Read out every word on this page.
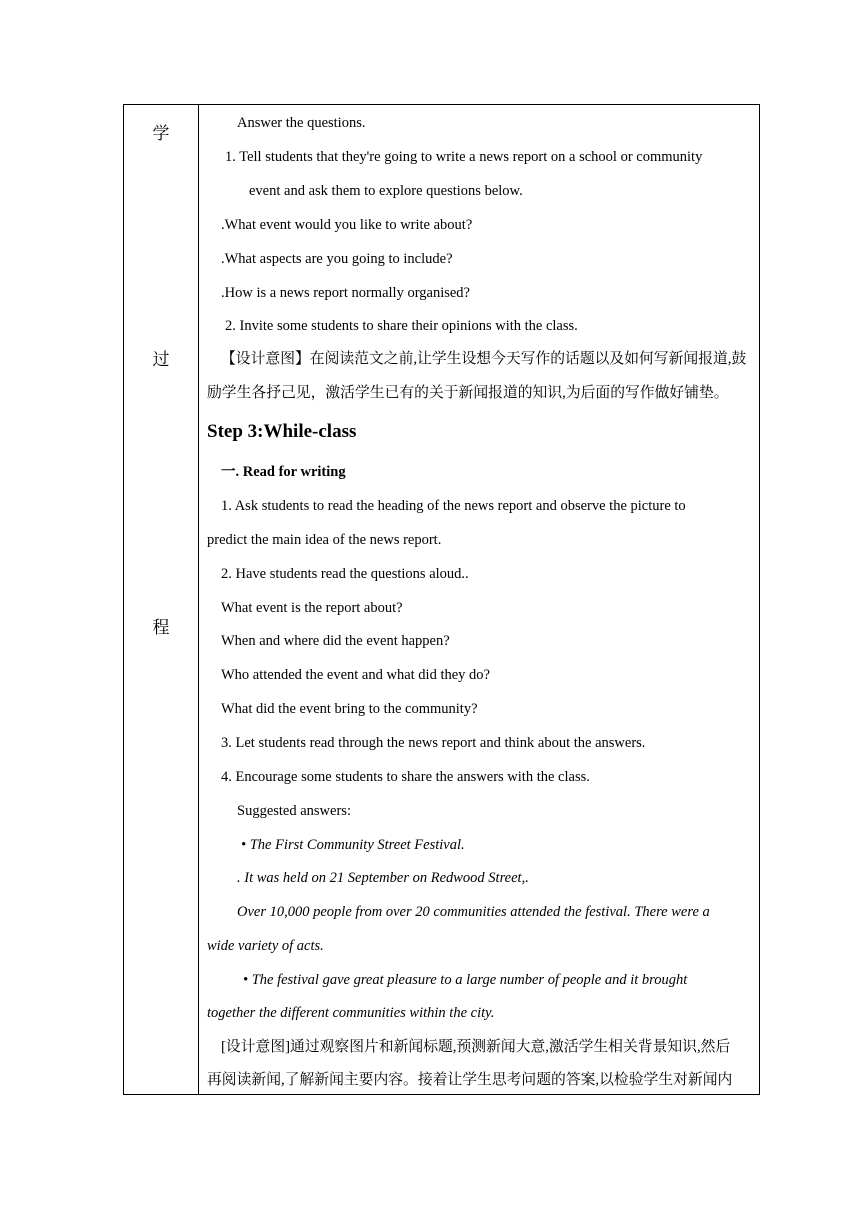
学
过
程
Answer the questions.
1. Tell students that they're going to write a news report on a school or community
event and ask them to explore questions below.
.What event would you like to write about?
.What aspects are you going to include?
.How is a news report normally organised?
2. Invite some students to share their opinions with the class.
【设计意图】在阅读范文之前,让学生设想今天写作的话题以及如何写新闻报道,鼓
励学生各抒己见，激活学生已有的关于新闻报道的知识,为后面的写作做好铺垫。
Step 3:While-class
一. Read for writing
1. Ask students to read the heading of the news report and observe the picture to
predict the main idea of the news report.
2. Have students read the questions aloud..
What event is the report about?
When and where did the event happen?
Who attended the event and what did they do?
What did the event bring to the community?
3. Let students read through the news report and think about the answers.
4. Encourage some students to share the answers with the class.
Suggested answers:
• The First Community Street Festival.
. It was held on 21 September on Redwood Street,.
Over 10,000 people from over 20 communities attended the festival. There were a
wide variety of acts.
• The festival gave great pleasure to a large number of people and it brought
together the different communities within the city.
[设计意图]通过观察图片和新闻标题,预测新闻大意,激活学生相关背景知识,然后
再阅读新闻,了解新闻主要内容。接着让学生思考问题的答案,以检验学生对新闻内
